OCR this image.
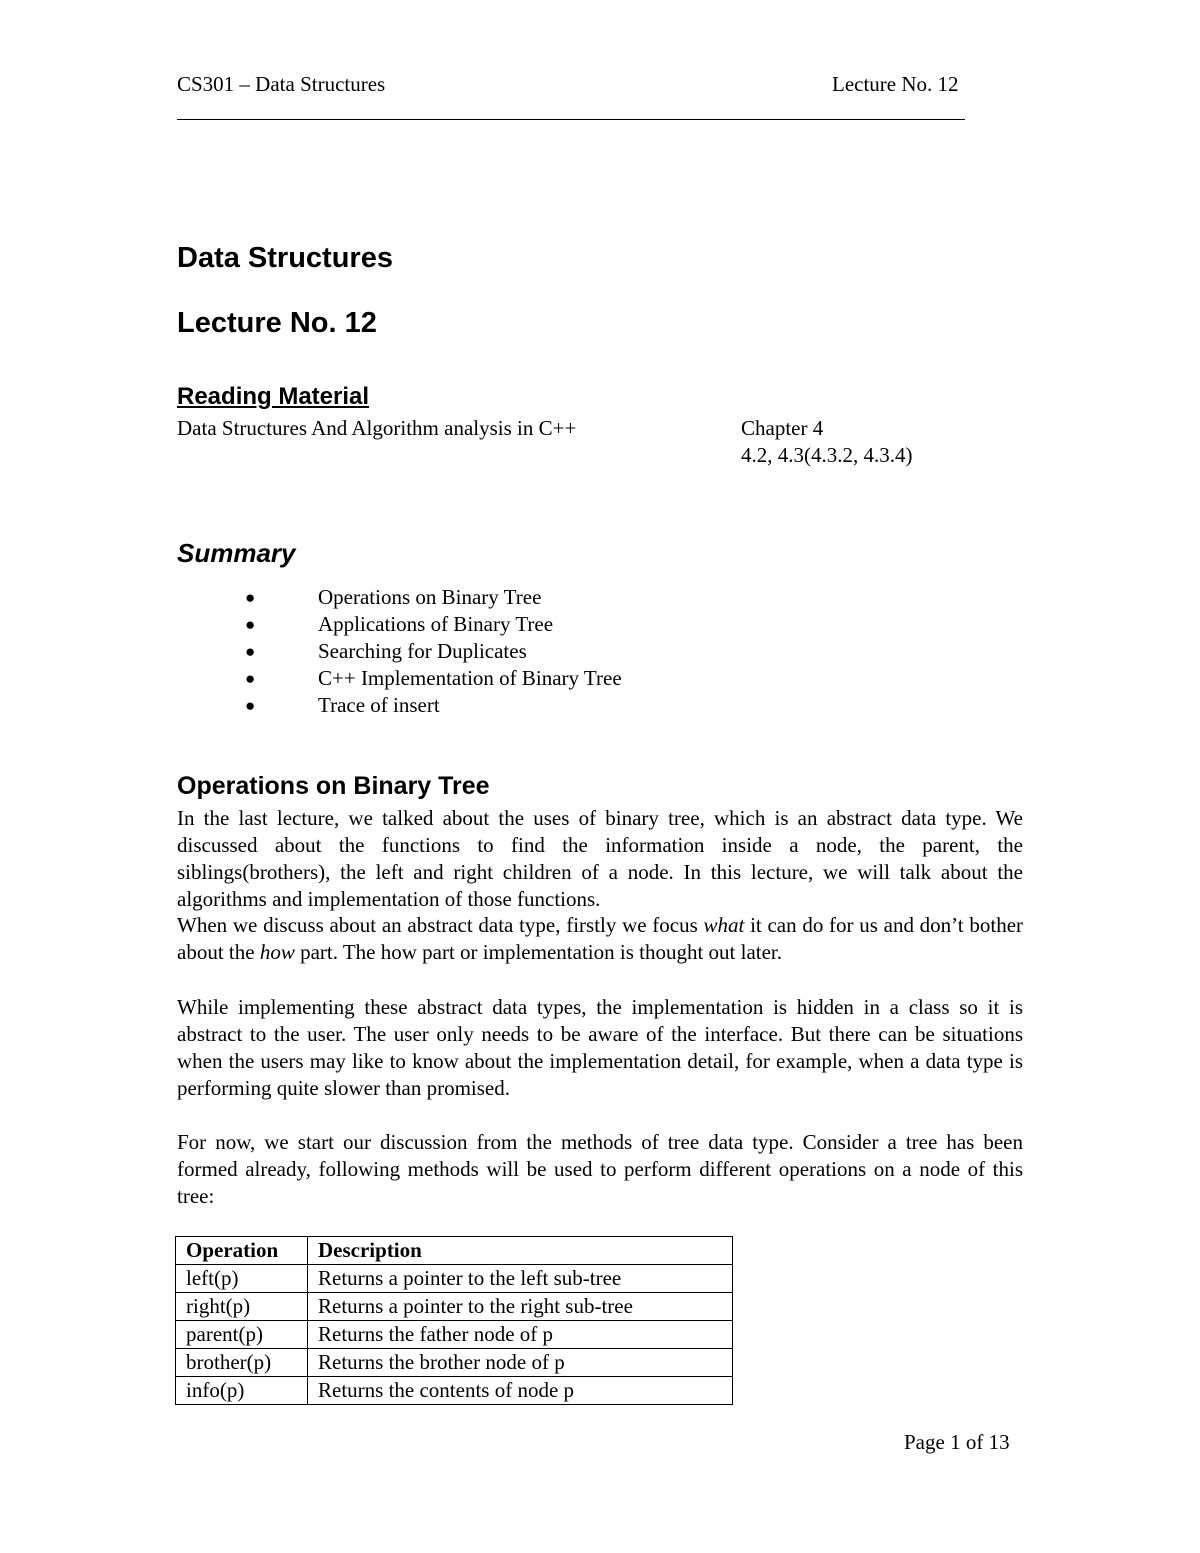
CS301 – Data Structures	Lecture No. 12
Data Structures
Lecture No. 12
Reading Material
Data Structures And Algorithm analysis in C++	Chapter 4
4.2, 4.3(4.3.2, 4.3.4)
Summary
●	Operations on Binary Tree
●	Applications of Binary Tree
●	Searching for Duplicates
●	C++ Implementation of Binary Tree
●	Trace of insert
Operations on Binary Tree

In the last lecture, we talked about the uses of binary tree, which is an abstract data type. We discussed about the functions to find the information inside a node, the parent, the siblings(brothers), the left and right children of a node. In this lecture, we will talk about the algorithms and implementation of those functions.

When we discuss about an abstract data type, firstly we focus what it can do for us and don’t bother about the how part. The how part or implementation is thought out later.

While implementing these abstract data types, the implementation is hidden in a class so it is abstract to the user. The user only needs to be aware of the interface. But there can be situations when the users may like to know about the implementation detail, for example, when a data type is performing quite slower than promised.

For now, we start our discussion from the methods of tree data type. Consider a tree has been formed already, following methods will be used to perform different operations on a node of this tree:

Operation	Description
left(p)	Returns a pointer to the left sub-tree
right(p)	Returns a pointer to the right sub-tree
parent(p)	Returns the father node of p
brother(p)	Returns the brother node of p
info(p)	Returns the contents of node p
Page 1 of 13
